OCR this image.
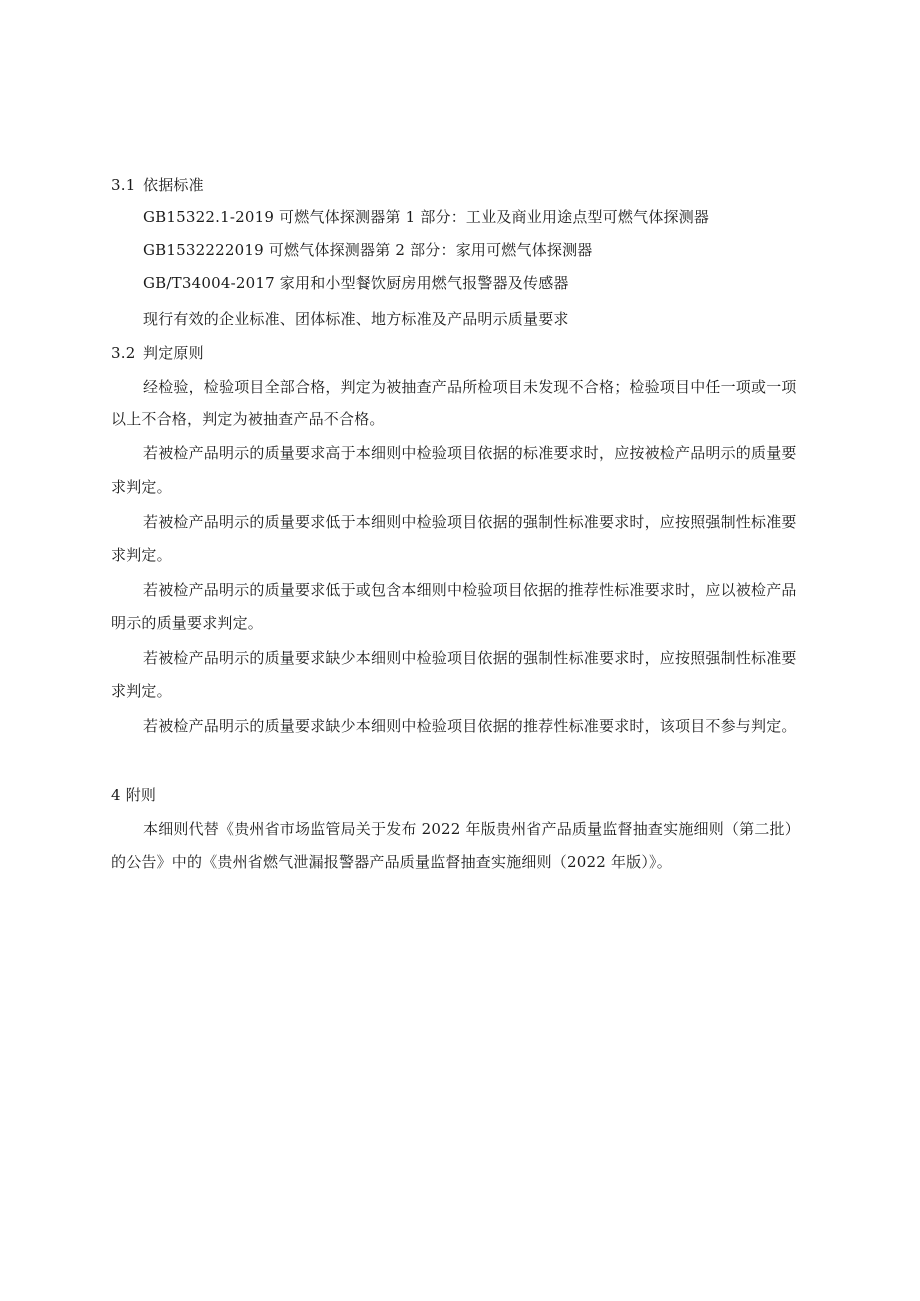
3.1 依据标准
GB15322.1-2019 可燃气体探测器第 1 部分：工业及商业用途点型可燃气体探测器
GB1532222019 可燃气体探测器第 2 部分：家用可燃气体探测器
GB/T34004-2017 家用和小型餐饮厨房用燃气报警器及传感器
现行有效的企业标准、团体标准、地方标准及产品明示质量要求
3.2 判定原则
经检验，检验项目全部合格，判定为被抽查产品所检项目未发现不合格；检验项目中任一项或一项
以上不合格，判定为被抽查产品不合格。
若被检产品明示的质量要求高于本细则中检验项目依据的标准要求时，应按被检产品明示的质量要
求判定。
若被检产品明示的质量要求低于本细则中检验项目依据的强制性标准要求时，应按照强制性标准要
求判定。
若被检产品明示的质量要求低于或包含本细则中检验项目依据的推荐性标准要求时，应以被检产品
明示的质量要求判定。
若被检产品明示的质量要求缺少本细则中检验项目依据的强制性标准要求时，应按照强制性标准要
求判定。
若被检产品明示的质量要求缺少本细则中检验项目依据的推荐性标准要求时，该项目不参与判定。
4 附则
本细则代替《贵州省市场监管局关于发布 2022 年版贵州省产品质量监督抽查实施细则（第二批）
的公告》中的《贵州省燃气泄漏报警器产品质量监督抽查实施细则（2022 年版）》。
